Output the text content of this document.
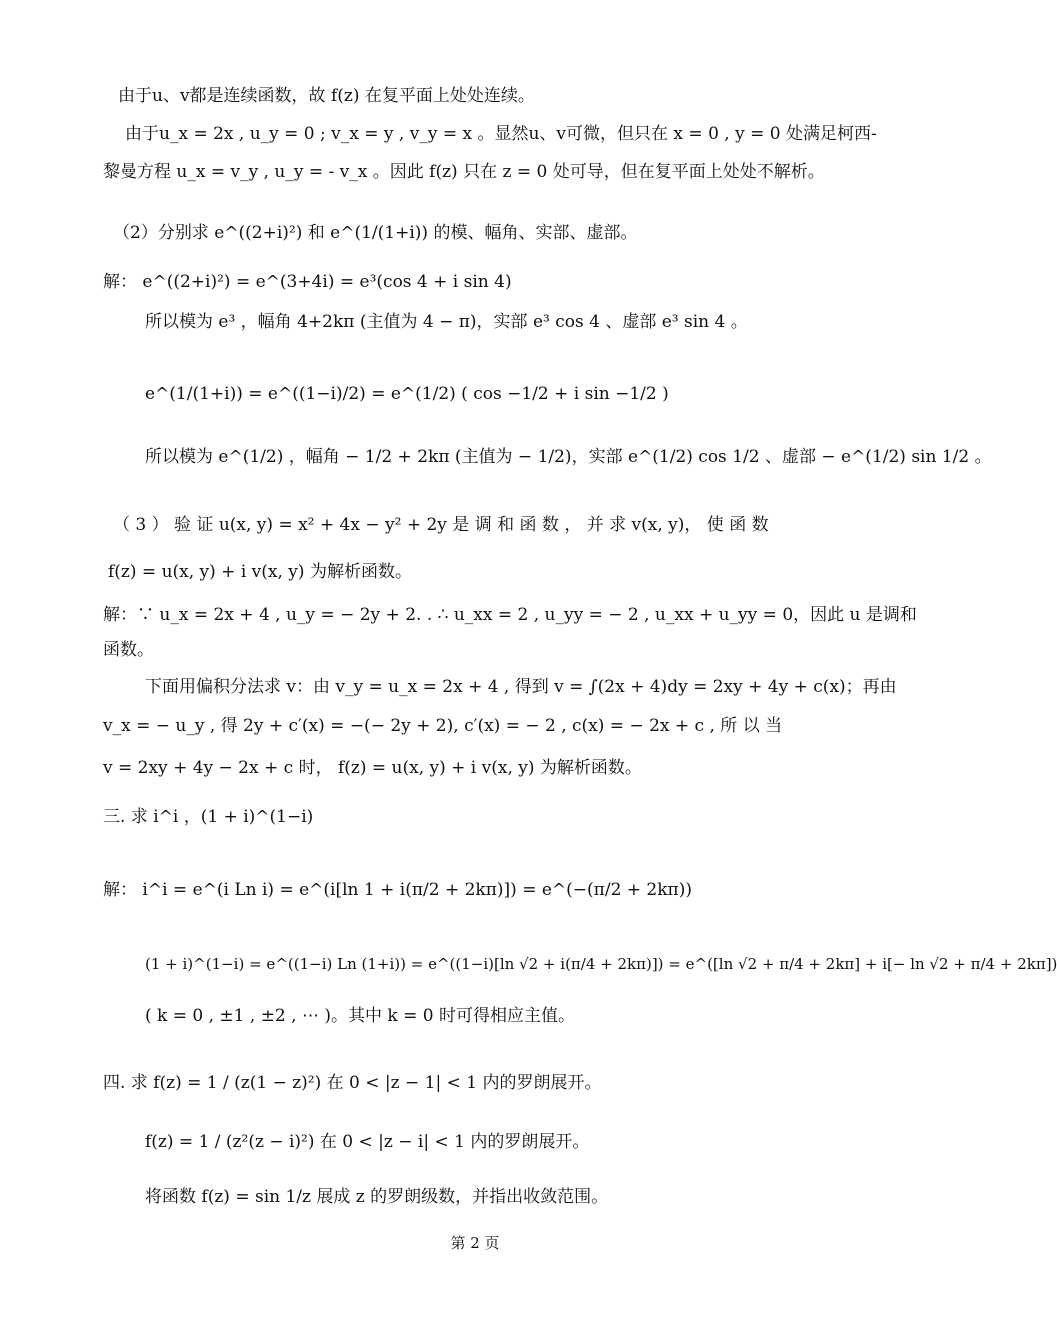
由于u、v都是连续函数，故 f(z) 在复平面上处处连续。
由于u_x = 2x , u_y = 0 ; v_x = y , v_y = x 。显然u、v可微，但只在 x = 0 , y = 0 处满足柯西-
黎曼方程 u_x = v_y , u_y = - v_x 。因此 f(z) 只在 z = 0 处可导，但在复平面上处处不解析。
（2）分别求 e^((2+i)²) 和 e^(1/(1+i)) 的模、幅角、实部、虚部。
解： e^((2+i)²) = e^(3+4i) = e³(cos 4 + i sin 4)
所以模为 e³ ，幅角 4+2kπ (主值为 4 − π)，实部 e³ cos 4 、虚部 e³ sin 4 。
e^(1/(1+i)) = e^((1−i)/2) = e^(1/2) ( cos −1/2 + i sin −1/2 )
所以模为 e^(1/2) ，幅角 − 1/2 + 2kπ (主值为 − 1/2)，实部 e^(1/2) cos 1/2 、虚部 − e^(1/2) sin 1/2 。
（ 3 ） 验 证 u(x, y) = x² + 4x − y² + 2y 是 调 和 函 数 ， 并 求 v(x, y)， 使 函 数
f(z) = u(x, y) + i v(x, y) 为解析函数。
解：∵ u_x = 2x + 4 , u_y = − 2y + 2. . ∴ u_xx = 2 , u_yy = − 2 , u_xx + u_yy = 0，因此 u 是调和
函数。
下面用偏积分法求 v：由 v_y = u_x = 2x + 4 , 得到 v = ∫(2x + 4)dy = 2xy + 4y + c(x)；再由
v_x = − u_y , 得 2y + c′(x) = −(− 2y + 2), c′(x) = − 2 , c(x) = − 2x + c , 所 以 当
v = 2xy + 4y − 2x + c 时， f(z) = u(x, y) + i v(x, y) 为解析函数。
三. 求 i^i ，(1 + i)^(1−i)
解： i^i = e^(i Ln i) = e^(i[ln 1 + i(π/2 + 2kπ)]) = e^(−(π/2 + 2kπ))
(1 + i)^(1−i) = e^((1−i) Ln (1+i)) = e^((1−i)[ln √2 + i(π/4 + 2kπ)]) = e^([ln √2 + π/4 + 2kπ] + i[− ln √2 + π/4 + 2kπ])
( k = 0 , ±1 , ±2 , ⋯ )。其中 k = 0 时可得相应主值。
四. 求 f(z) = 1 / (z(1 − z)²) 在 0 < |z − 1| < 1 内的罗朗展开。
f(z) = 1 / (z²(z − i)²) 在 0 < |z − i| < 1 内的罗朗展开。
将函数 f(z) = sin 1/z 展成 z 的罗朗级数，并指出收敛范围。
第 2 页
